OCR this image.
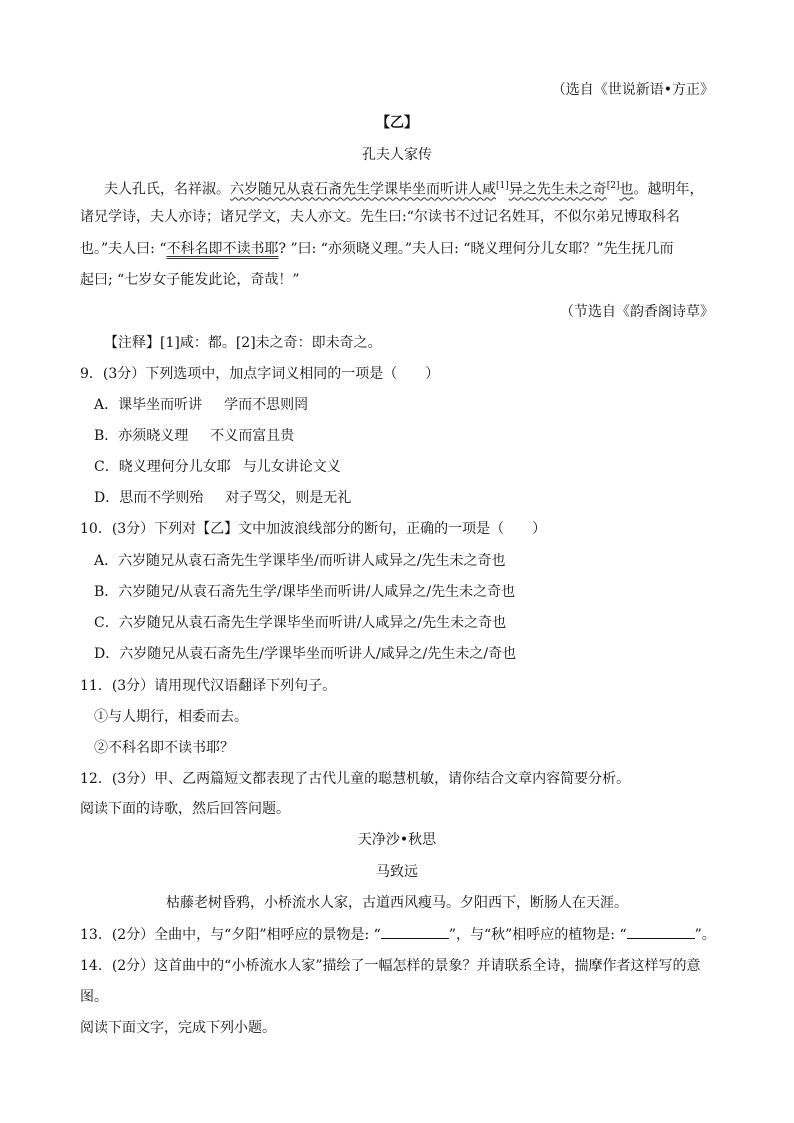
（选自《世说新语•方正》
【乙】
孔夫人家传
夫人孔氏，名祥淑。六岁随兄从袁石斋先生学课毕坐而听讲人咸[1]异之先生未之奇[2]也。越明年，
诸兄学诗，夫人亦诗；诸兄学文，夫人亦文。先生曰:“尔读书不过记名姓耳，不似尔弟兄博取科名
也。”夫人曰: “不科名即不读书耶? ”曰: “亦须晓义理。”夫人曰: “晓义理何分儿女耶？”先生抚几而
起曰; “七岁女子能发此论，奇哉！”
（节选自《韵香阁诗草》
【注释】[1]咸：都。[2]未之奇：即未奇之。
9．(3分）下列选项中，加点字词义相同的一项是（　　）
A．课毕坐而听讲 学而不思则罔
B．亦须晓义理 不义而富且贵
C．晓义理何分儿女耶 与儿女讲论文义
D．思而不学则殆 对子骂父，则是无礼
10．(3分）下列对【乙】文中加波浪线部分的断句，正确的一项是（　　）
A．六岁随兄从袁石斋先生学课毕坐/而听讲人咸异之/先生未之奇也
B．六岁随兄/从袁石斋先生学/课毕坐而听讲/人咸异之/先生未之奇也
C．六岁随兄从袁石斋先生学课毕坐而听讲/人咸异之/先生未之奇也
D．六岁随兄从袁石斋先生/学课毕坐而听讲人/咸异之/先生未之/奇也
11．(3分）请用现代汉语翻译下列句子。
①与人期行，相委而去。
②不科名即不读书耶？
12．(3分）甲、乙两篇短文都表现了古代儿童的聪慧机敏，请你结合文章内容简要分析。
阅读下面的诗歌，然后回答问题。
天净沙•秋思
马致远
枯藤老树昏鸦，小桥流水人家，古道西风瘦马。夕阳西下，断肠人在天涯。
13．(2分）全曲中，与“夕阳”相呼应的景物是: “	”，与“秋”相呼应的植物是: “	”。
14．(2分）这首曲中的“小桥流水人家”描绘了一幅怎样的景象？并请联系全诗，揣摩作者这样写的意
图。
阅读下面文字，完成下列小题。
